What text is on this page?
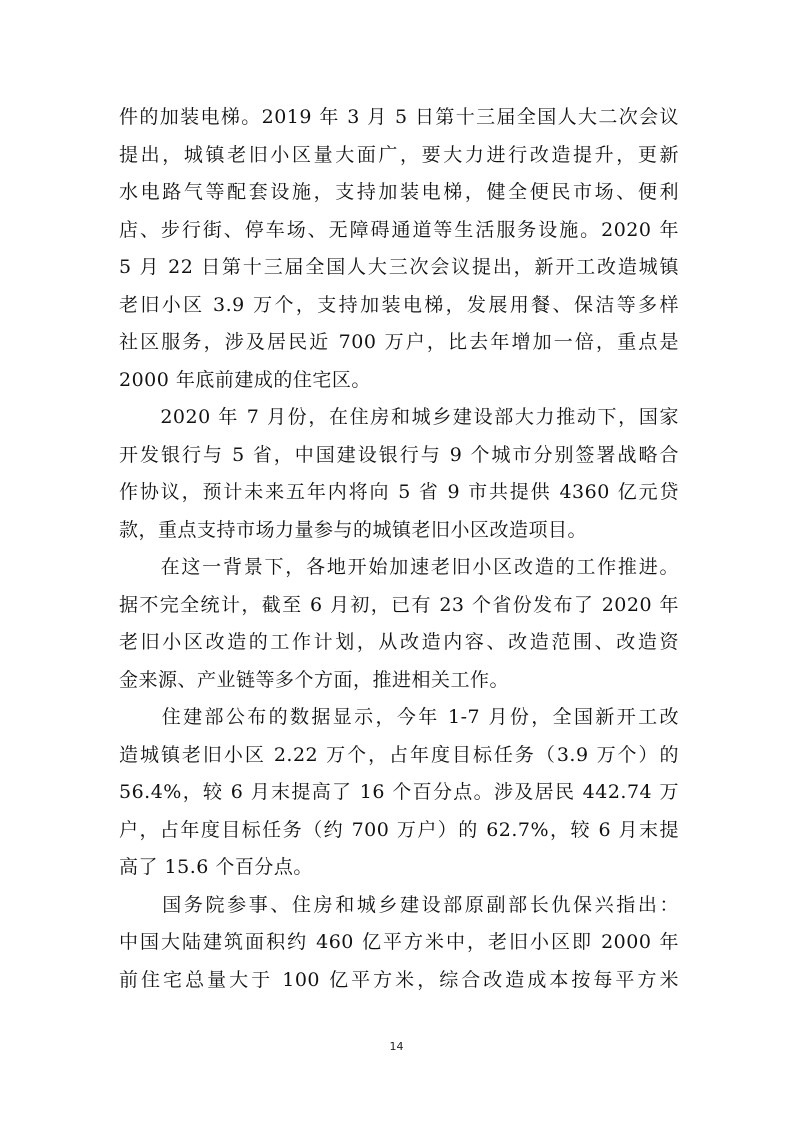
件的加装电梯。2019 年 3 月 5 日第十三届全国人大二次会议
提出，城镇老旧小区量大面广，要大力进行改造提升，更新
水电路气等配套设施，支持加装电梯，健全便民市场、便利
店、步行街、停车场、无障碍通道等生活服务设施。2020 年
5 月 22 日第十三届全国人大三次会议提出，新开工改造城镇
老旧小区 3.9 万个，支持加装电梯，发展用餐、保洁等多样
社区服务，涉及居民近 700 万户，比去年增加一倍，重点是
2000 年底前建成的住宅区。
　　2020 年 7 月份，在住房和城乡建设部大力推动下，国家
开发银行与 5 省，中国建设银行与 9 个城市分别签署战略合
作协议，预计未来五年内将向 5 省 9 市共提供 4360 亿元贷
款，重点支持市场力量参与的城镇老旧小区改造项目。
　　在这一背景下，各地开始加速老旧小区改造的工作推进。
据不完全统计，截至 6 月初，已有 23 个省份发布了 2020 年
老旧小区改造的工作计划，从改造内容、改造范围、改造资
金来源、产业链等多个方面，推进相关工作。
　　住建部公布的数据显示，今年 1-7 月份，全国新开工改
造城镇老旧小区 2.22 万个，占年度目标任务（3.9 万个）的
56.4%，较 6 月末提高了 16 个百分点。涉及居民 442.74 万
户，占年度目标任务（约 700 万户）的 62.7%，较 6 月末提
高了 15.6 个百分点。
　　国务院参事、住房和城乡建设部原副部长仇保兴指出：
中国大陆建筑面积约 460 亿平方米中，老旧小区即 2000 年
前住宅总量大于 100 亿平方米，综合改造成本按每平方米
14
